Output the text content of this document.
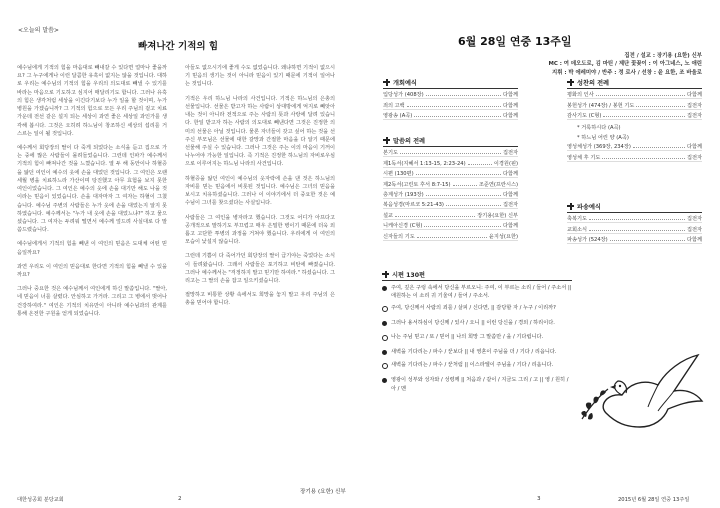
<오늘의 말씀>
빠져나간 기적의 힘

예수님에게 기적의 힘을 마음대로 빼내갈 수 있다면 얼마나 좋을까요? 그 누구에게나 이런 달콤한 유혹이 없지는 않을 것입니다. 대하로 우리는 예수님의 기적의 힘을 우리의 의도대로 빼낼 수 있기를 바라는 마음으로 기도하고 심지어 매달리기도 합니다. 그러나 유혹의 힘은 생각처럼 세상을 이긴다기보다 누가 일을 할 것이며, 누가 병원을 가겠습니까? 그 기적의 힘으로 모든 우리 주님의 겉고 치료 가운데 전선 같은 설지 되는 세상이 과연 좋은 세상일 과인가를 생각해 봅시다. 그것은 오히려 하느님이 창조하신 세상의 섭리를 거스르는 일이 될 것입니다.

예수께서 회당장의 딸이 다 죽게 되었다는 소식을 듣고 집으로 가는 중에 많은 사람들이 몰려들었습니다. 그런데 인파가 예수께서 기적의 힘이 빠져나간 것을 느꼈습니다. 열 두 해 동안이나 하혈증을 앓던 여인이 예수의 옷에 손을 대었던 것입니다. 그 여인은 오랜 세월 병을 치료하느라 가산이며 탕진했고 아무 효험을 보지 못한 여인이었습니다. 그 여인은 예수의 옷에 손을 대기만 해도 나을 것이라는 믿음이 있었습니다. 손을 대자마자 그 여자는 하혈이 그쳤습니다. 예수님 주변의 사람들은 누가 옷에 손을 대었는지 알지 못하였습니다. 예수께서는 "누가 내 옷에 손을 대었느냐?" 하고 물으셨습니다. 그 여자는 두려워 떨면서 예수께 엎드려 사실대로 다 말씀드렸습니다.

예수님에게서 기적의 힘을 빼낸 이 여인의 믿음은 도대체 어떤 믿음일까요?

과연 우리도 이 여인의 믿음대로 한다면 기적의 힘을 빼낼 수 있을까요?

그러나 중요한 것은 예수님께서 여인에게 하신 말씀입니다. "딸아, 네 믿음이 너를 살렸다. 안심하고 가거라. 그리고 그 병에서 벗어나 건강하여라." 여인은 기적의 치유만이 아니라 예수님과의 관계를 통해 온전한 구원을 얻게 되었습니다.

아들도 없으시기에 좋게 수도 없었습니다. 왜냐하면 기적이 없으시기 믿음의 생기는 것이 아니라 믿음이 있기 때문에 기적이 일어나는 것입니다.

기적은 우리 하느님 나라의 사건입니다. 기적은 하느님의 은총의 선물입니다. 선물은 받고자 하는 사람이 상대방에게 억지로 빼앗아내는 것이 아니라 전적으로 주는 사람의 뜻과 사랑에 달려 있습니다. 한일 받고자 하는 사람의 의도대로 빼낸다면 그것은 진정한 의미의 선물은 아닐 것입니다. 물론 자녀들이 갖고 싶어 하는 것을 선 주신 부모님은 선물에 대한 갈망과 간절한 마음을 다 알기 때문에 선물해 주실 수 있습니다. 그러나 그것은 주는 이의 마음이 기꺼이 나누어야 가능한 일입니다. 즉 기적은 진정한 하느님의 자비로우심으로 이루어지는 하느님 나라의 사건입니다.

하혈증을 앓던 여인이 예수님의 옷자락에 손을 댄 것은 하느님의 자비를 믿는 믿음에서 비롯된 것입니다. 예수님은 그녀의 믿음을 보시고 치유하셨습니다. 그러나 이 이야기에서 더 중요한 것은 예수님이 그녀를 찾으셨다는 사실입니다.

사람들은 그 여인을 병자라고 했습니다. 그것도 어디가 아프다고 공개적으로 말하기도 부끄럽고 매우 은밀한 병이기 때문에 더욱 외롭고 고단한 투병의 과정을 거쳐야 했습니다. 우리에게 이 여인의 모습이 낯설지 않습니다.

그런데 기쁨이 다 죽어가던 회당장의 딸이 급기야는 죽었다는 소식이 들려왔습니다. 그래서 사람들은 포기하고 비탄에 빠졌습니다. 그러나 예수께서는 "걱정하지 말고 믿기만 하여라." 하셨습니다. 그리고는 그 딸의 손을 잡고 일으키셨습니다.

절망하고 비통한 상황 속에서도 희망을 놓지 말고 우리 주님의 은총을 믿어야 합니다.

장기용 (요한) 신부
대한성공회 분당교회	2
6월 28일 연중 13주일
집전 / 설교 : 장기용 (요한) 신부
MC : 여 데오도로, 김 마틴 / 제단 꽃꽂이 : 이 아그네스, 노 애린
지휘 : 박 에레미야 / 반주 : 정 로사 / 선창 : 윤 요한, 조 바울로
개회예식
입당성가 (408장)	다함께
죄의 고백	다함께
영광송 (A곡)	다함께
말씀의 전례
본기도	집전자
제1독서(지혜서 1:13-15, 2:23-24)	이경원(핀)
시편 (130편)	다함께
제2독서(고린토 후서 8:7-15)	조준연(프란시스)
층계성가 (193장)	다함께
복음성경(마르코 5:21-43)	집전자
설교	장기용(요한) 신부
니케아신경 (C형)	다함께
신자들의 기도	윤지성(요한)
성찬의 전례
평화의 인사	다함께
봉헌성가 (474장) / 봉헌 기도	집전자
감사기도 (C형)	집전자
* 거룩하시다 (A곡)
* 하느님 어린 양 (A곡)
영성체성가 (369장, 234장)	다함께
영성체 후 기도	집전자
파송예식
축복기도	집전자
교회소식	집전자
파송성가 (524장)	다함께
시편 130편
주여, 깊은 구렁 속에서 당신을 부르오니: 주여, 이 부르는 소리 / 들어 / 주소서 || 애원하는 이 소리 귀 기울여 / 들어 / 주소서.
주여, 당신께서 사람의 죄를 / 살피 / 신다면, || 감당할 자 / 누구 / 이리까?
그러나 용서하심이 당신께 / 있사 / 오니 || 이런 당신을 / 경외 / 하리이다.
나는 주님 믿고 / 또 / 믿어 || 나의 희망 그 말씀만 / 을 / 기다립니다.
새벽을 기다리는 / 파수 / 꾼보다 || 내 영혼이 주님을 더 / 기다 / 리옵니다.
새벽을 기다리는 / 파수 / 꾼처럼 || 이스라엘이 주님을 / 기다 / 리옵니다.
영광이 성부와 성자와 / 성령께 || 처음과 / 같이 / 지금도 그리 / 고 || 영 / 원히 / 아 / 멘
3	2015년 6월 28일 연중 13주일
